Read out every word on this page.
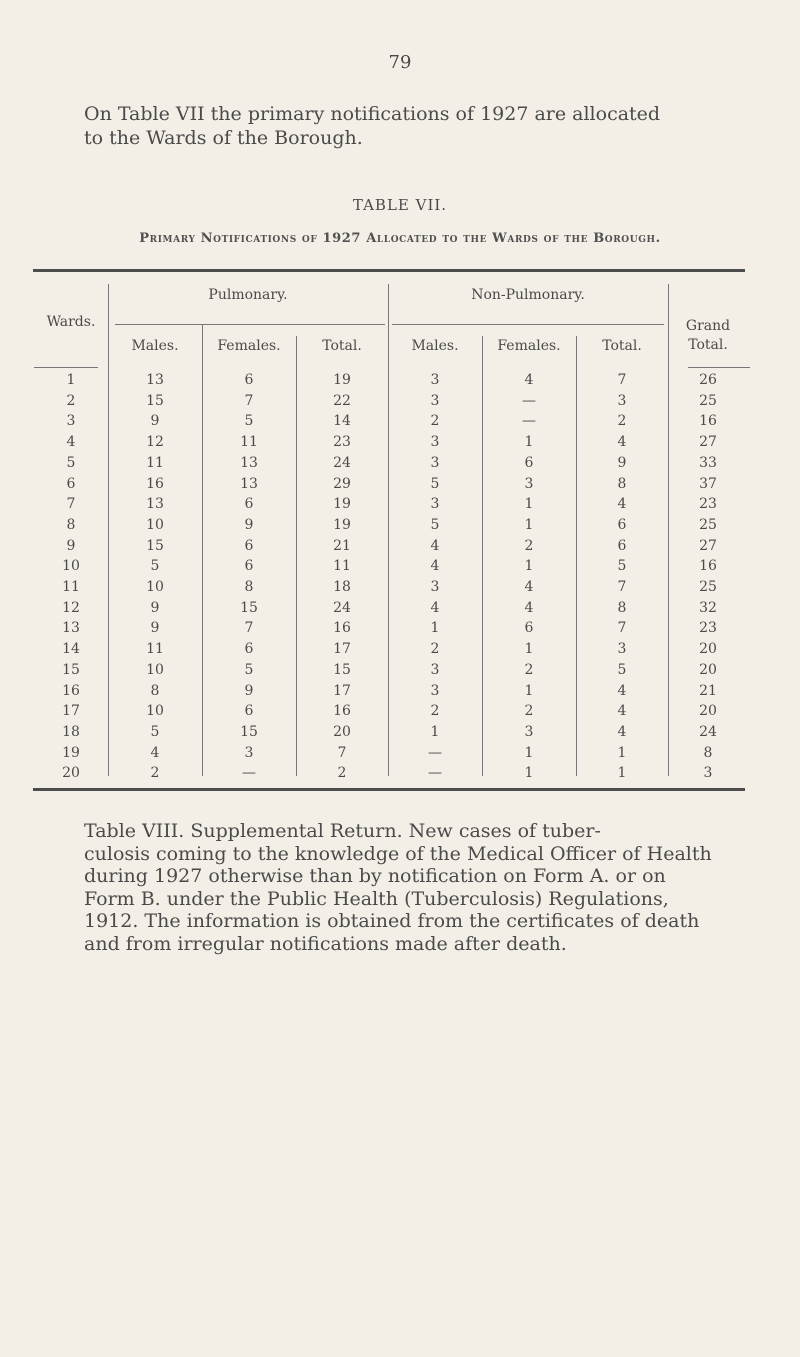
79
On Table VII the primary notifications of 1927 are allocated
to the Wards of the Borough.
TABLE VII.
Primary Notifications of 1927 Allocated to the Wards of the Borough.
Wards.
Pulmonary.	Non-Pulmonary.
Grand
Total.
Males.	Females.	Total.	Males.	Females.	Total.
1	13	6	19	3	4	7	26
2	15	7	22	3	—	3	25
3	9	5	14	2	—	2	16
4	12	11	23	3	1	4	27
5	11	13	24	3	6	9	33
6	16	13	29	5	3	8	37
7	13	6	19	3	1	4	23
8	10	9	19	5	1	6	25
9	15	6	21	4	2	6	27
10	5	6	11	4	1	5	16
11	10	8	18	3	4	7	25
12	9	15	24	4	4	8	32
13	9	7	16	1	6	7	23
14	11	6	17	2	1	3	20
15	10	5	15	3	2	5	20
16	8	9	17	3	1	4	21
17	10	6	16	2	2	4	20
18	5	15	20	1	3	4	24
19	4	3	7	—	1	1	8
20	2	—	2	—	1	1	3
Table VIII. Supplemental Return. New cases of tuber-
culosis coming to the knowledge of the Medical Officer of Health
during 1927 otherwise than by notification on Form A. or on
Form B. under the Public Health (Tuberculosis) Regulations,
1912. The information is obtained from the certificates of death
and from irregular notifications made after death.
